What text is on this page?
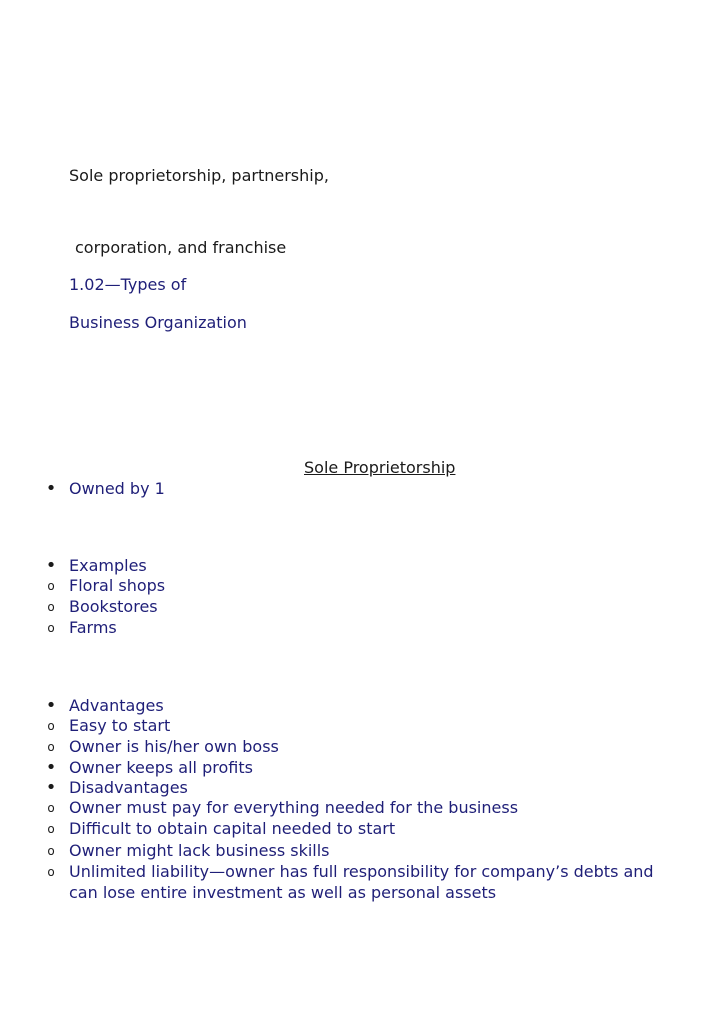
Sole proprietorship, partnership,
corporation, and franchise
1.02—Types of
Business Organization
Sole Proprietorship
• Owned by 1
• Examples
o Floral shops
o Bookstores
o Farms
• Advantages
o Easy to start
o Owner is his/her own boss
• Owner keeps all profits
• Disadvantages
o Owner must pay for everything needed for the business
o Difficult to obtain capital needed to start
o Owner might lack business skills
o Unlimited liability—owner has full responsibility for company’s debts and can lose entire investment as well as personal assets
